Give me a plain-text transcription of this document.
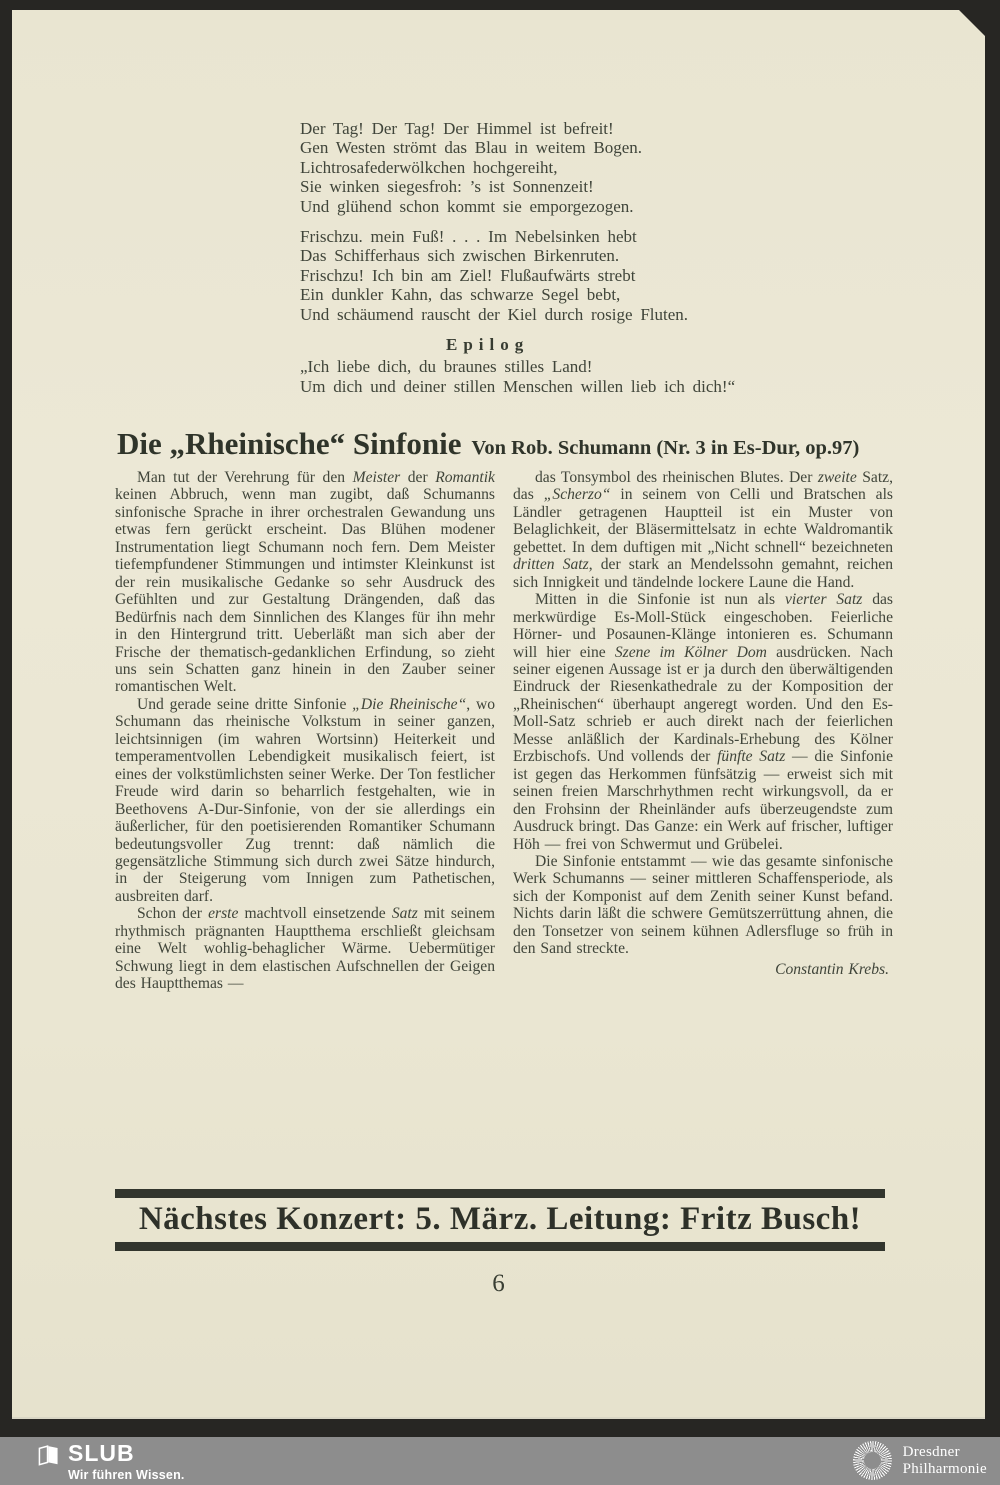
Der Tag! Der Tag! Der Himmel ist befreit!
Gen Westen strömt das Blau in weitem Bogen.
Lichtrosafederwölkchen hochgereiht,
Sie winken siegesfroh: ’s ist Sonnenzeit!
Und glühend schon kommt sie emporgezogen.
Frischzu. mein Fuß! . . . Im Nebelsinken hebt
Das Schifferhaus sich zwischen Birkenruten.
Frischzu! Ich bin am Ziel! Flußaufwärts strebt
Ein dunkler Kahn, das schwarze Segel bebt,
Und schäumend rauscht der Kiel durch rosige Fluten.
Epilog
„Ich liebe dich, du braunes stilles Land!
Um dich und deiner stillen Menschen willen lieb ich dich!“
Die „Rheinische“ Sinfonie Von Rob. Schumann (Nr. 3 in Es-Dur, op.97)

Man tut der Verehrung für den Meister der Romantik keinen Abbruch, wenn man zugibt, daß Schumanns sinfonische Sprache in ihrer orchestralen Gewandung uns etwas fern gerückt erscheint. Das Blühen modener Instrumentation liegt Schumann noch fern. Dem Meister tiefempfundener Stimmungen und intimster Kleinkunst ist der rein musikalische Gedanke so sehr Ausdruck des Gefühlten und zur Gestaltung Drängenden, daß das Bedürfnis nach dem Sinnlichen des Klanges für ihn mehr in den Hintergrund tritt. Ueberläßt man sich aber der Frische der thematisch-gedanklichen Erfindung, so zieht uns sein Schatten ganz hinein in den Zauber seiner romantischen Welt.

Und gerade seine dritte Sinfonie „Die Rheinische“, wo Schumann das rheinische Volkstum in seiner ganzen, leichtsinnigen (im wahren Wortsinn) Heiterkeit und temperamentvollen Lebendigkeit musikalisch feiert, ist eines der volkstümlichsten seiner Werke. Der Ton festlicher Freude wird darin so beharrlich festgehalten, wie in Beethovens A-Dur-Sinfonie, von der sie allerdings ein äußerlicher, für den poetisierenden Romantiker Schumann bedeutungsvoller Zug trennt: daß nämlich die gegensätzliche Stimmung sich durch zwei Sätze hindurch, in der Steigerung vom Innigen zum Pathetischen, ausbreiten darf.

Schon der erste machtvoll einsetzende Satz mit seinem rhythmisch prägnanten Hauptthema erschließt gleichsam eine Welt wohlig-behaglicher Wärme. Uebermütiger Schwung liegt in dem elastischen Aufschnellen der Geigen des Hauptthemas —

das Tonsymbol des rheinischen Blutes. Der zweite Satz, das „Scherzo“ in seinem von Celli und Bratschen als Ländler getragenen Hauptteil ist ein Muster von Belaglichkeit, der Bläsermittelsatz in echte Waldromantik gebettet. In dem duftigen mit „Nicht schnell“ bezeichneten dritten Satz, der stark an Mendelssohn gemahnt, reichen sich Innigkeit und tändelnde lockere Laune die Hand.

Mitten in die Sinfonie ist nun als vierter Satz das merkwürdige Es-Moll-Stück eingeschoben. Feierliche Hörner- und Posaunen-Klänge intonieren es. Schumann will hier eine Szene im Kölner Dom ausdrücken. Nach seiner eigenen Aussage ist er ja durch den überwältigenden Eindruck der Riesenkathedrale zu der Komposition der „Rheinischen“ überhaupt angeregt worden. Und den Es-Moll-Satz schrieb er auch direkt nach der feierlichen Messe anläßlich der Kardinals-Erhebung des Kölner Erzbischofs. Und vollends der fünfte Satz — die Sinfonie ist gegen das Herkommen fünfsätzig — erweist sich mit seinen freien Marschrhythmen recht wirkungsvoll, da er den Frohsinn der Rheinländer aufs überzeugendste zum Ausdruck bringt. Das Ganze: ein Werk auf frischer, luftiger Höh — frei von Schwermut und Grübelei.

Die Sinfonie entstammt — wie das gesamte sinfonische Werk Schumanns — seiner mittleren Schaffensperiode, als sich der Komponist auf dem Zenith seiner Kunst befand. Nichts darin läßt die schwere Gemütszerrüttung ahnen, die den Tonsetzer von seinem kühnen Adlersfluge so früh in den Sand streckte.

Constantin Krebs.

Nächstes Konzert: 5. März. Leitung: Fritz Busch!
6
SLUB
Wir führen Wissen.
Dresdner
Philharmonie
